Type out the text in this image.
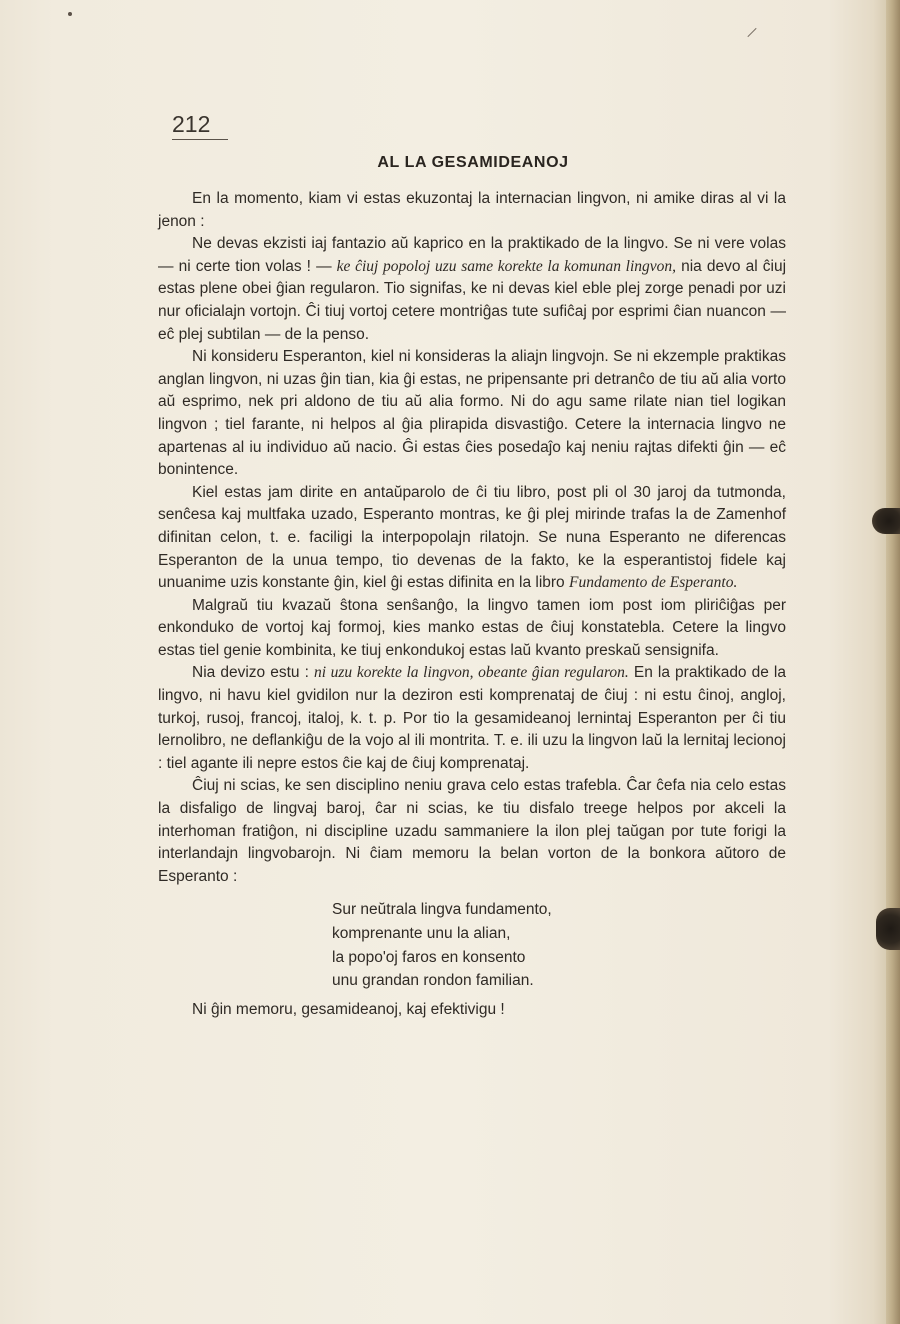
212
AL LA GESAMIDEANOJ

En la momento, kiam vi estas ekuzontaj la internacian lingvon, ni amike diras al vi la jenon :

Ne devas ekzisti iaj fantazio aŭ kaprico en la praktikado de la lingvo. Se ni vere volas — ni certe tion volas ! — ke ĉiuj popoloj uzu same korekte la komunan lingvon, nia devo al ĉiuj estas plene obei ĝian regularon. Tio signifas, ke ni devas kiel eble plej zorge penadi por uzi nur oficialajn vortojn. Ĉi tiuj vortoj cetere montriĝas tute sufiĉaj por esprimi ĉian nuancon — eĉ plej subtilan — de la penso.

Ni konsideru Esperanton, kiel ni konsideras la aliajn lingvojn. Se ni ekzemple praktikas anglan lingvon, ni uzas ĝin tian, kia ĝi estas, ne pripensante pri detranĉo de tiu aŭ alia vorto aŭ esprimo, nek pri aldono de tiu aŭ alia formo. Ni do agu same rilate nian tiel logikan lingvon ; tiel farante, ni helpos al ĝia plirapida disvastiĝo. Cetere la internacia lingvo ne apartenas al iu individuo aŭ nacio. Ĝi estas ĉies posedaĵo kaj neniu rajtas difekti ĝin — eĉ bonintence.

Kiel estas jam dirite en antaŭparolo de ĉi tiu libro, post pli ol 30 jaroj da tutmonda, senĉesa kaj multfaka uzado, Esperanto montras, ke ĝi plej mirinde trafas la de Zamenhof difinitan celon, t. e. faciligi la interpopolajn rilatojn. Se nuna Esperanto ne diferencas Esperanton de la unua tempo, tio devenas de la fakto, ke la esperantistoj fidele kaj unuanime uzis konstante ĝin, kiel ĝi estas difinita en la libro Fundamento de Esperanto.

Malgraŭ tiu kvazaŭ ŝtona senŝanĝo, la lingvo tamen iom post iom pliriĉiĝas per enkonduko de vortoj kaj formoj, kies manko estas de ĉiuj konstatebla. Cetere la lingvo estas tiel genie kombinita, ke tiuj enkondukoj estas laŭ kvanto preskaŭ sensignifa.

Nia devizo estu : ni uzu korekte la lingvon, obeante ĝian regularon. En la praktikado de la lingvo, ni havu kiel gvidilon nur la deziron esti komprenataj de ĉiuj : ni estu ĉinoj, angloj, turkoj, rusoj, francoj, italoj, k. t. p. Por tio la gesamideanoj lernintaj Esperanton per ĉi tiu lernolibro, ne deflankiĝu de la vojo al ili montrita. T. e. ili uzu la lingvon laŭ la lernitaj lecionoj : tiel agante ili nepre estos ĉie kaj de ĉiuj komprenataj.

Ĉiuj ni scias, ke sen disciplino neniu grava celo estas trafebla. Ĉar ĉefa nia celo estas la disfaligo de lingvaj baroj, ĉar ni scias, ke tiu disfalo treege helpos por akceli la interhoman fratiĝon, ni discipline uzadu sammaniere la ilon plej taŭgan por tute forigi la interlandajn lingvobarojn. Ni ĉiam memoru la belan vorton de la bonkora aŭtoro de Esperanto :

Sur neŭtrala lingva fundamento,
komprenante unu la alian,
la popo'oj faros en konsento
unu grandan rondon familian.

Ni ĝin memoru, gesamideanoj, kaj efektivigu !
